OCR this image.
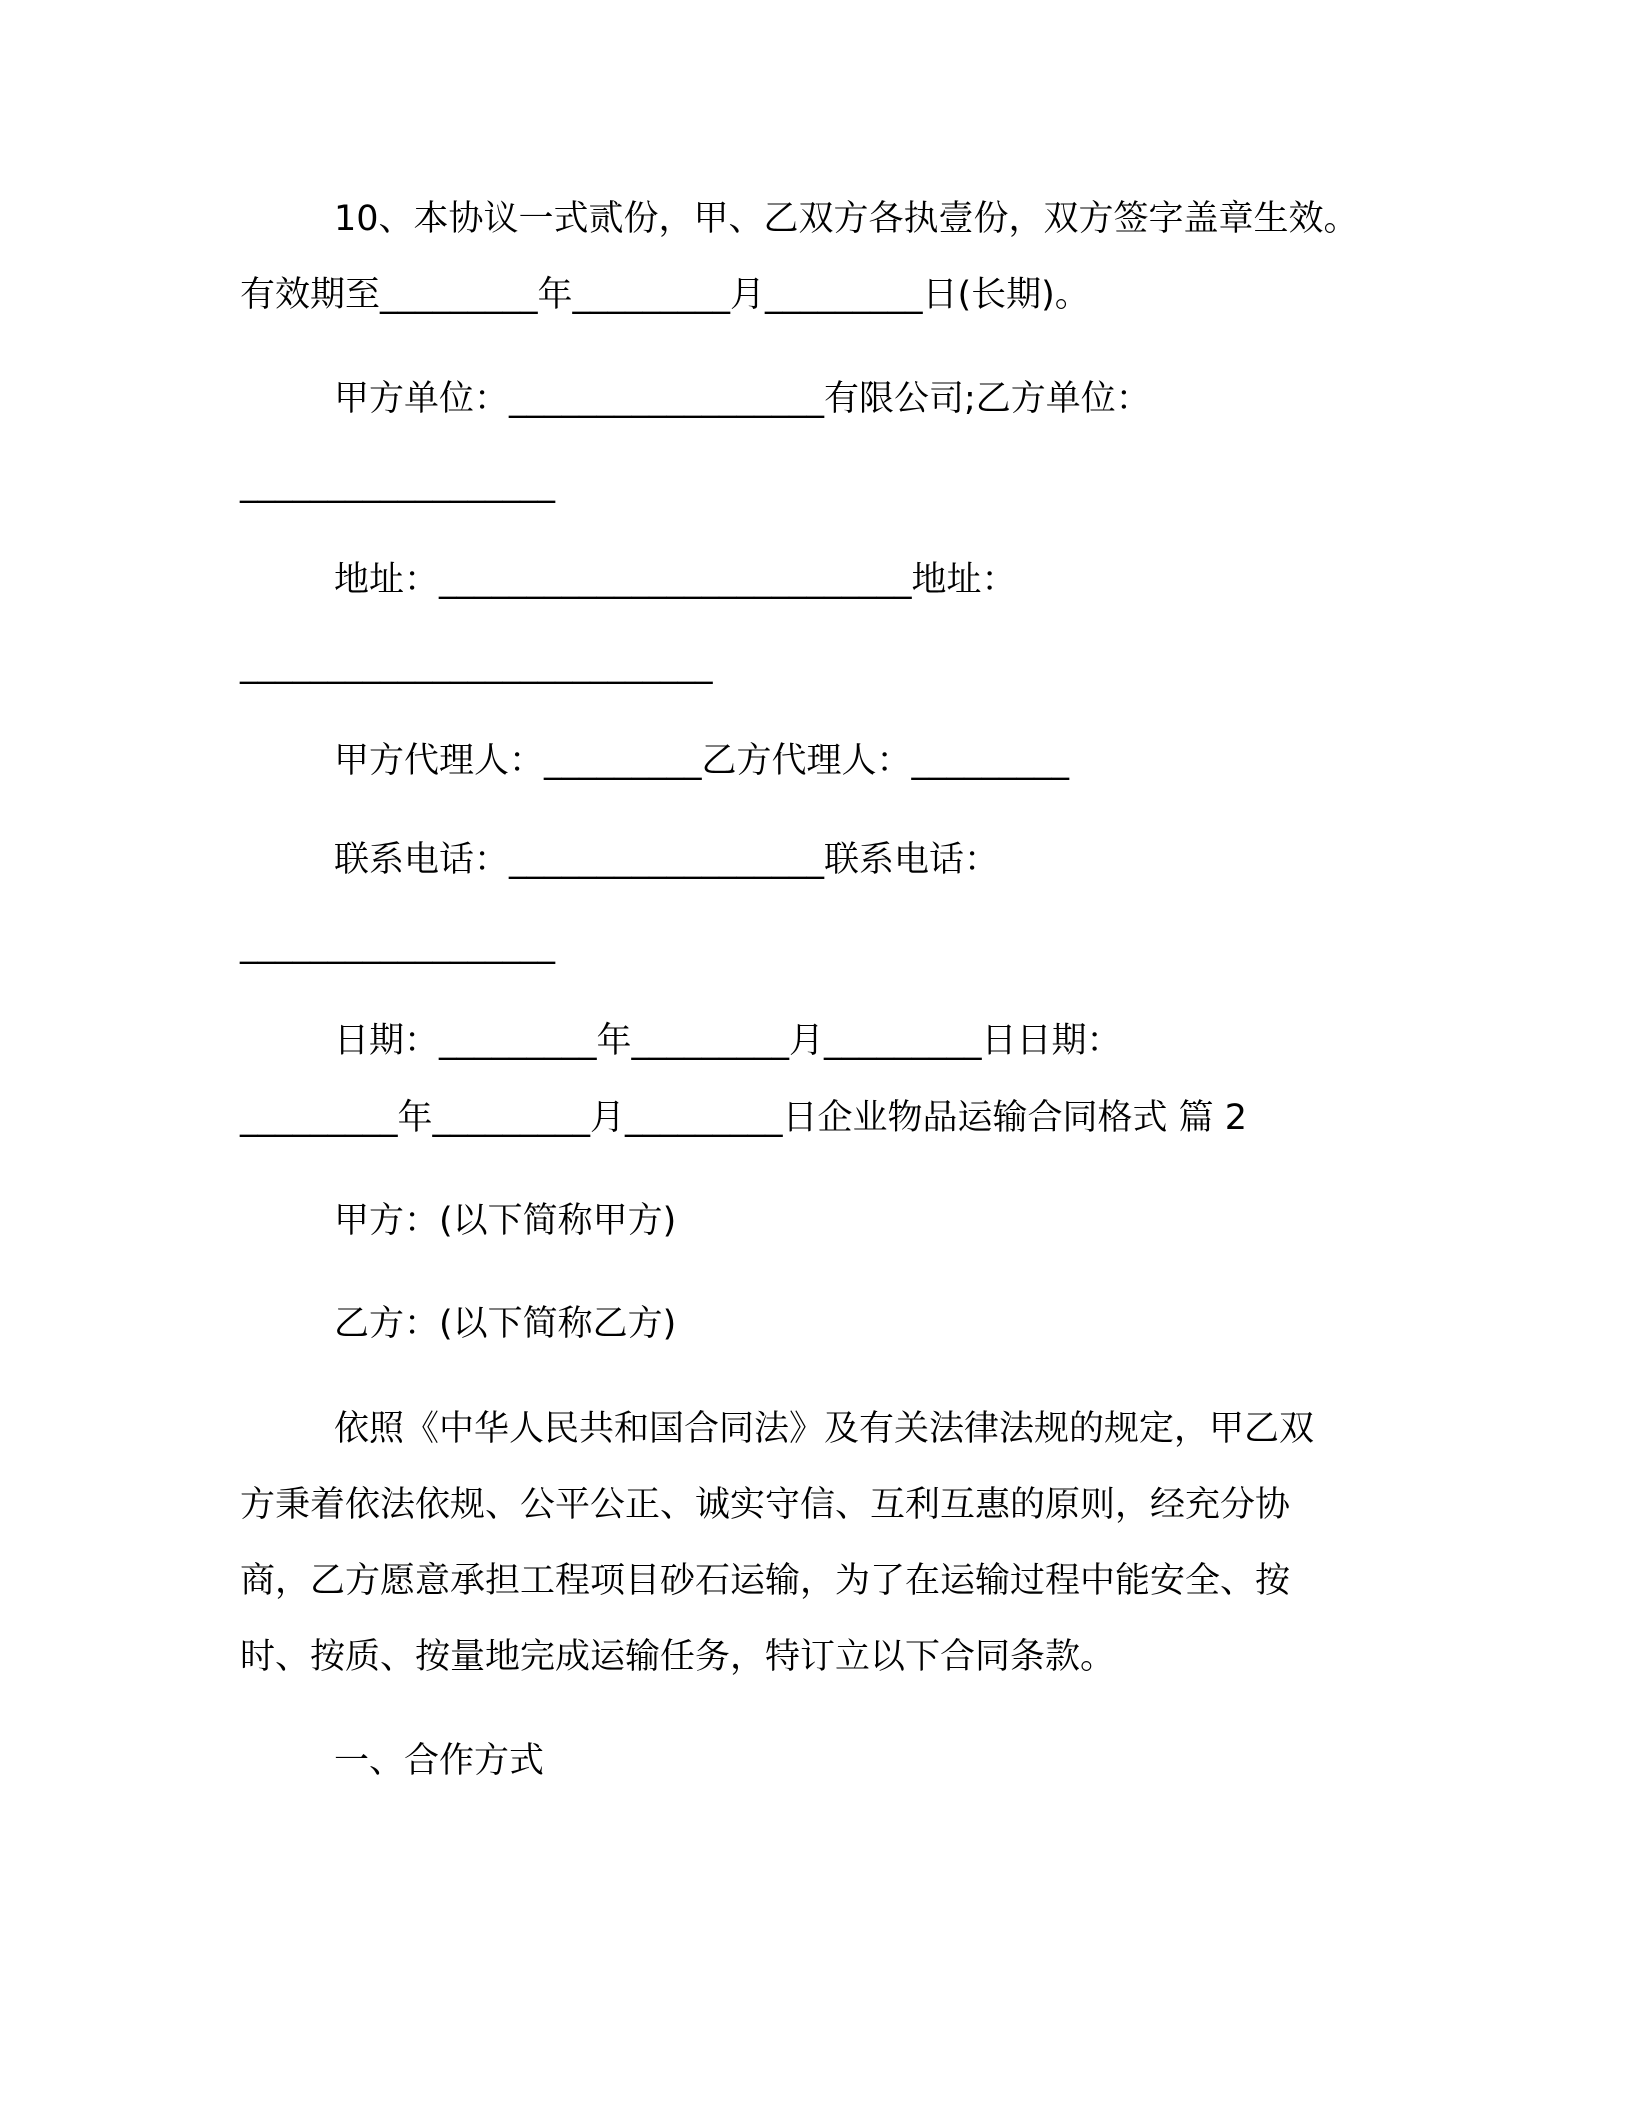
10、本协议一式贰份，甲、乙双方各执壹份，双方签字盖章生效。
有效期至_________年_________月_________日(长期)。
甲方单位：__________________有限公司;乙方单位：
__________________
地址：___________________________地址：
___________________________
甲方代理人：_________乙方代理人：_________
联系电话：__________________联系电话：
__________________
日期：_________年_________月_________日日期：
_________年_________月_________日企业物品运输合同格式 篇 2
甲方：(以下简称甲方)
乙方：(以下简称乙方)
依照《中华人民共和国合同法》及有关法律法规的规定，甲乙双
方秉着依法依规、公平公正、诚实守信、互利互惠的原则，经充分协
商，乙方愿意承担工程项目砂石运输，为了在运输过程中能安全、按
时、按质、按量地完成运输任务，特订立以下合同条款。
一、合作方式
